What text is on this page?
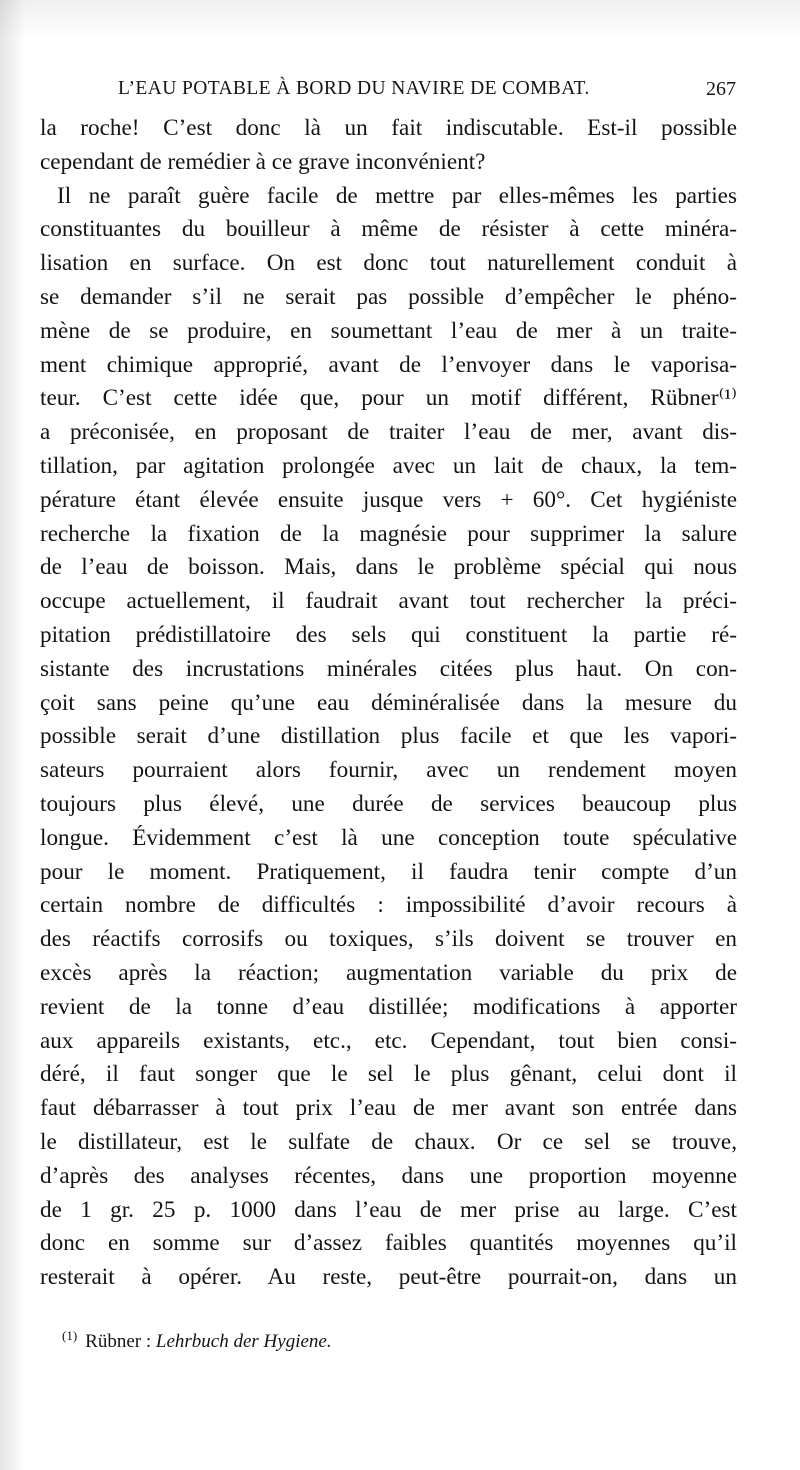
L’EAU POTABLE À BORD DU NAVIRE DE COMBAT.	267
la roche! C’est donc là un fait indiscutable. Est-il possible
cependant de remédier à ce grave inconvénient?
Il ne paraît guère facile de mettre par elles-mêmes les parties
constituantes du bouilleur à même de résister à cette minéra-
lisation en surface. On est donc tout naturellement conduit à
se demander s’il ne serait pas possible d’empêcher le phéno-
mène de se produire, en soumettant l’eau de mer à un traite-
ment chimique approprié, avant de l’envoyer dans le vaporisa-
teur. C’est cette idée que, pour un motif différent, Rübner⁽¹⁾
a préconisée, en proposant de traiter l’eau de mer, avant dis-
tillation, par agitation prolongée avec un lait de chaux, la tem-
pérature étant élevée ensuite jusque vers + 60°. Cet hygiéniste
recherche la fixation de la magnésie pour supprimer la salure
de l’eau de boisson. Mais, dans le problème spécial qui nous
occupe actuellement, il faudrait avant tout rechercher la préci-
pitation prédistillatoire des sels qui constituent la partie ré-
sistante des incrustations minérales citées plus haut. On con-
çoit sans peine qu’une eau déminéralisée dans la mesure du
possible serait d’une distillation plus facile et que les vapori-
sateurs pourraient alors fournir, avec un rendement moyen
toujours plus élevé, une durée de services beaucoup plus
longue. Évidemment c’est là une conception toute spéculative
pour le moment. Pratiquement, il faudra tenir compte d’un
certain nombre de difficultés : impossibilité d’avoir recours à
des réactifs corrosifs ou toxiques, s’ils doivent se trouver en
excès après la réaction; augmentation variable du prix de
revient de la tonne d’eau distillée; modifications à apporter
aux appareils existants, etc., etc. Cependant, tout bien consi-
déré, il faut songer que le sel le plus gênant, celui dont il
faut débarrasser à tout prix l’eau de mer avant son entrée dans
le distillateur, est le sulfate de chaux. Or ce sel se trouve,
d’après des analyses récentes, dans une proportion moyenne
de 1 gr. 25 p. 1000 dans l’eau de mer prise au large. C’est
donc en somme sur d’assez faibles quantités moyennes qu’il
resterait à opérer. Au reste, peut-être pourrait-on, dans un
$^{(1)}$ Rübner : Lehrbuch der Hygiene.
